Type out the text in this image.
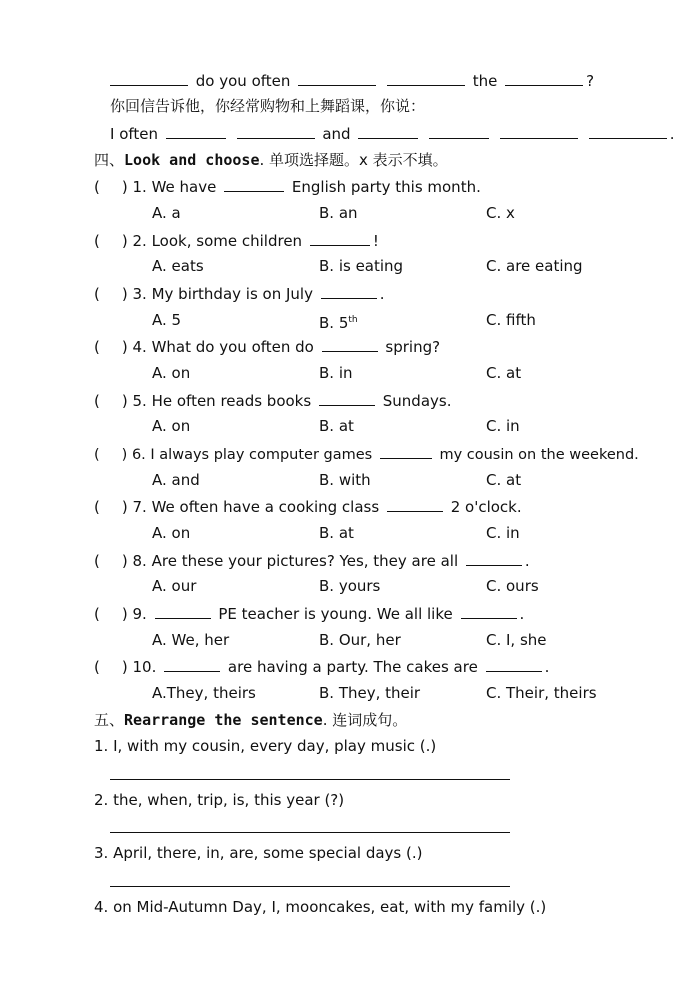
do you often	the	?
你回信告诉他，你经常购物和上舞蹈课，你说：
I often	and	.
四、Look and choose. 单项选择题。x 表示不填。
( ) 1. We have	English party this month.
A. a	B. an	C. x
( ) 2. Look, some children	!
A. eats	B. is eating	C. are eating
( ) 3. My birthday is on July	.
A. 5	B. 5th	C. fifth
( ) 4. What do you often do	spring?
A. on	B. in	C. at
( ) 5. He often reads books	Sundays.
A. on	B. at	C. in
( ) 6. I always play computer games	my cousin on the weekend.
A. and	B. with	C. at
( ) 7. We often have a cooking class	2 o'clock.
A. on	B. at	C. in
( ) 8. Are these your pictures? Yes, they are all	.
A. our	B. yours	C. ours
( ) 9.	PE teacher is young. We all like	.
A. We, her	B. Our, her	C. I, she
( ) 10.	are having a party. The cakes are	.
A.They, theirs	B. They, their	C. Their, theirs
五、Rearrange the sentence. 连词成句。
1. I, with my cousin, every day, play music (.)
2. the, when, trip, is, this year (?)
3. April, there, in, are, some special days (.)
4. on Mid-Autumn Day, I, mooncakes, eat, with my family (.)
